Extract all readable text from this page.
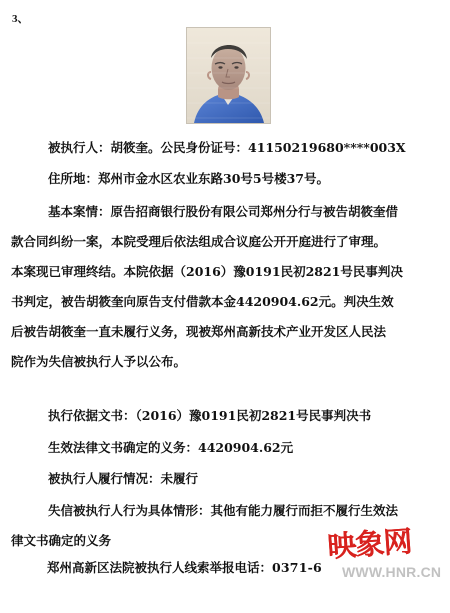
3、
被执行人：胡筱奎。公民身份证号：41150219680****003X
住所地：郑州市金水区农业东路30号5号楼37号。
基本案情：原告招商银行股份有限公司郑州分行与被告胡筱奎借
款合同纠纷一案，本院受理后依法组成合议庭公开开庭进行了审理。
本案现已审理终结。本院依据（2016）豫0191民初2821号民事判决
书判定，被告胡筱奎向原告支付借款本金4420904.62元。判决生效
后被告胡筱奎一直未履行义务，现被郑州高新技术产业开发区人民法
院作为失信被执行人予以公布。
执行依据文书：（2016）豫0191民初2821号民事判决书
生效法律文书确定的义务：4420904.62元
被执行人履行情况：未履行
失信被执行人行为具体情形：其他有能力履行而拒不履行生效法
律文书确定的义务
郑州高新区法院被执行人线索举报电话：0371-6
映象网
WWW.HNR.CN
